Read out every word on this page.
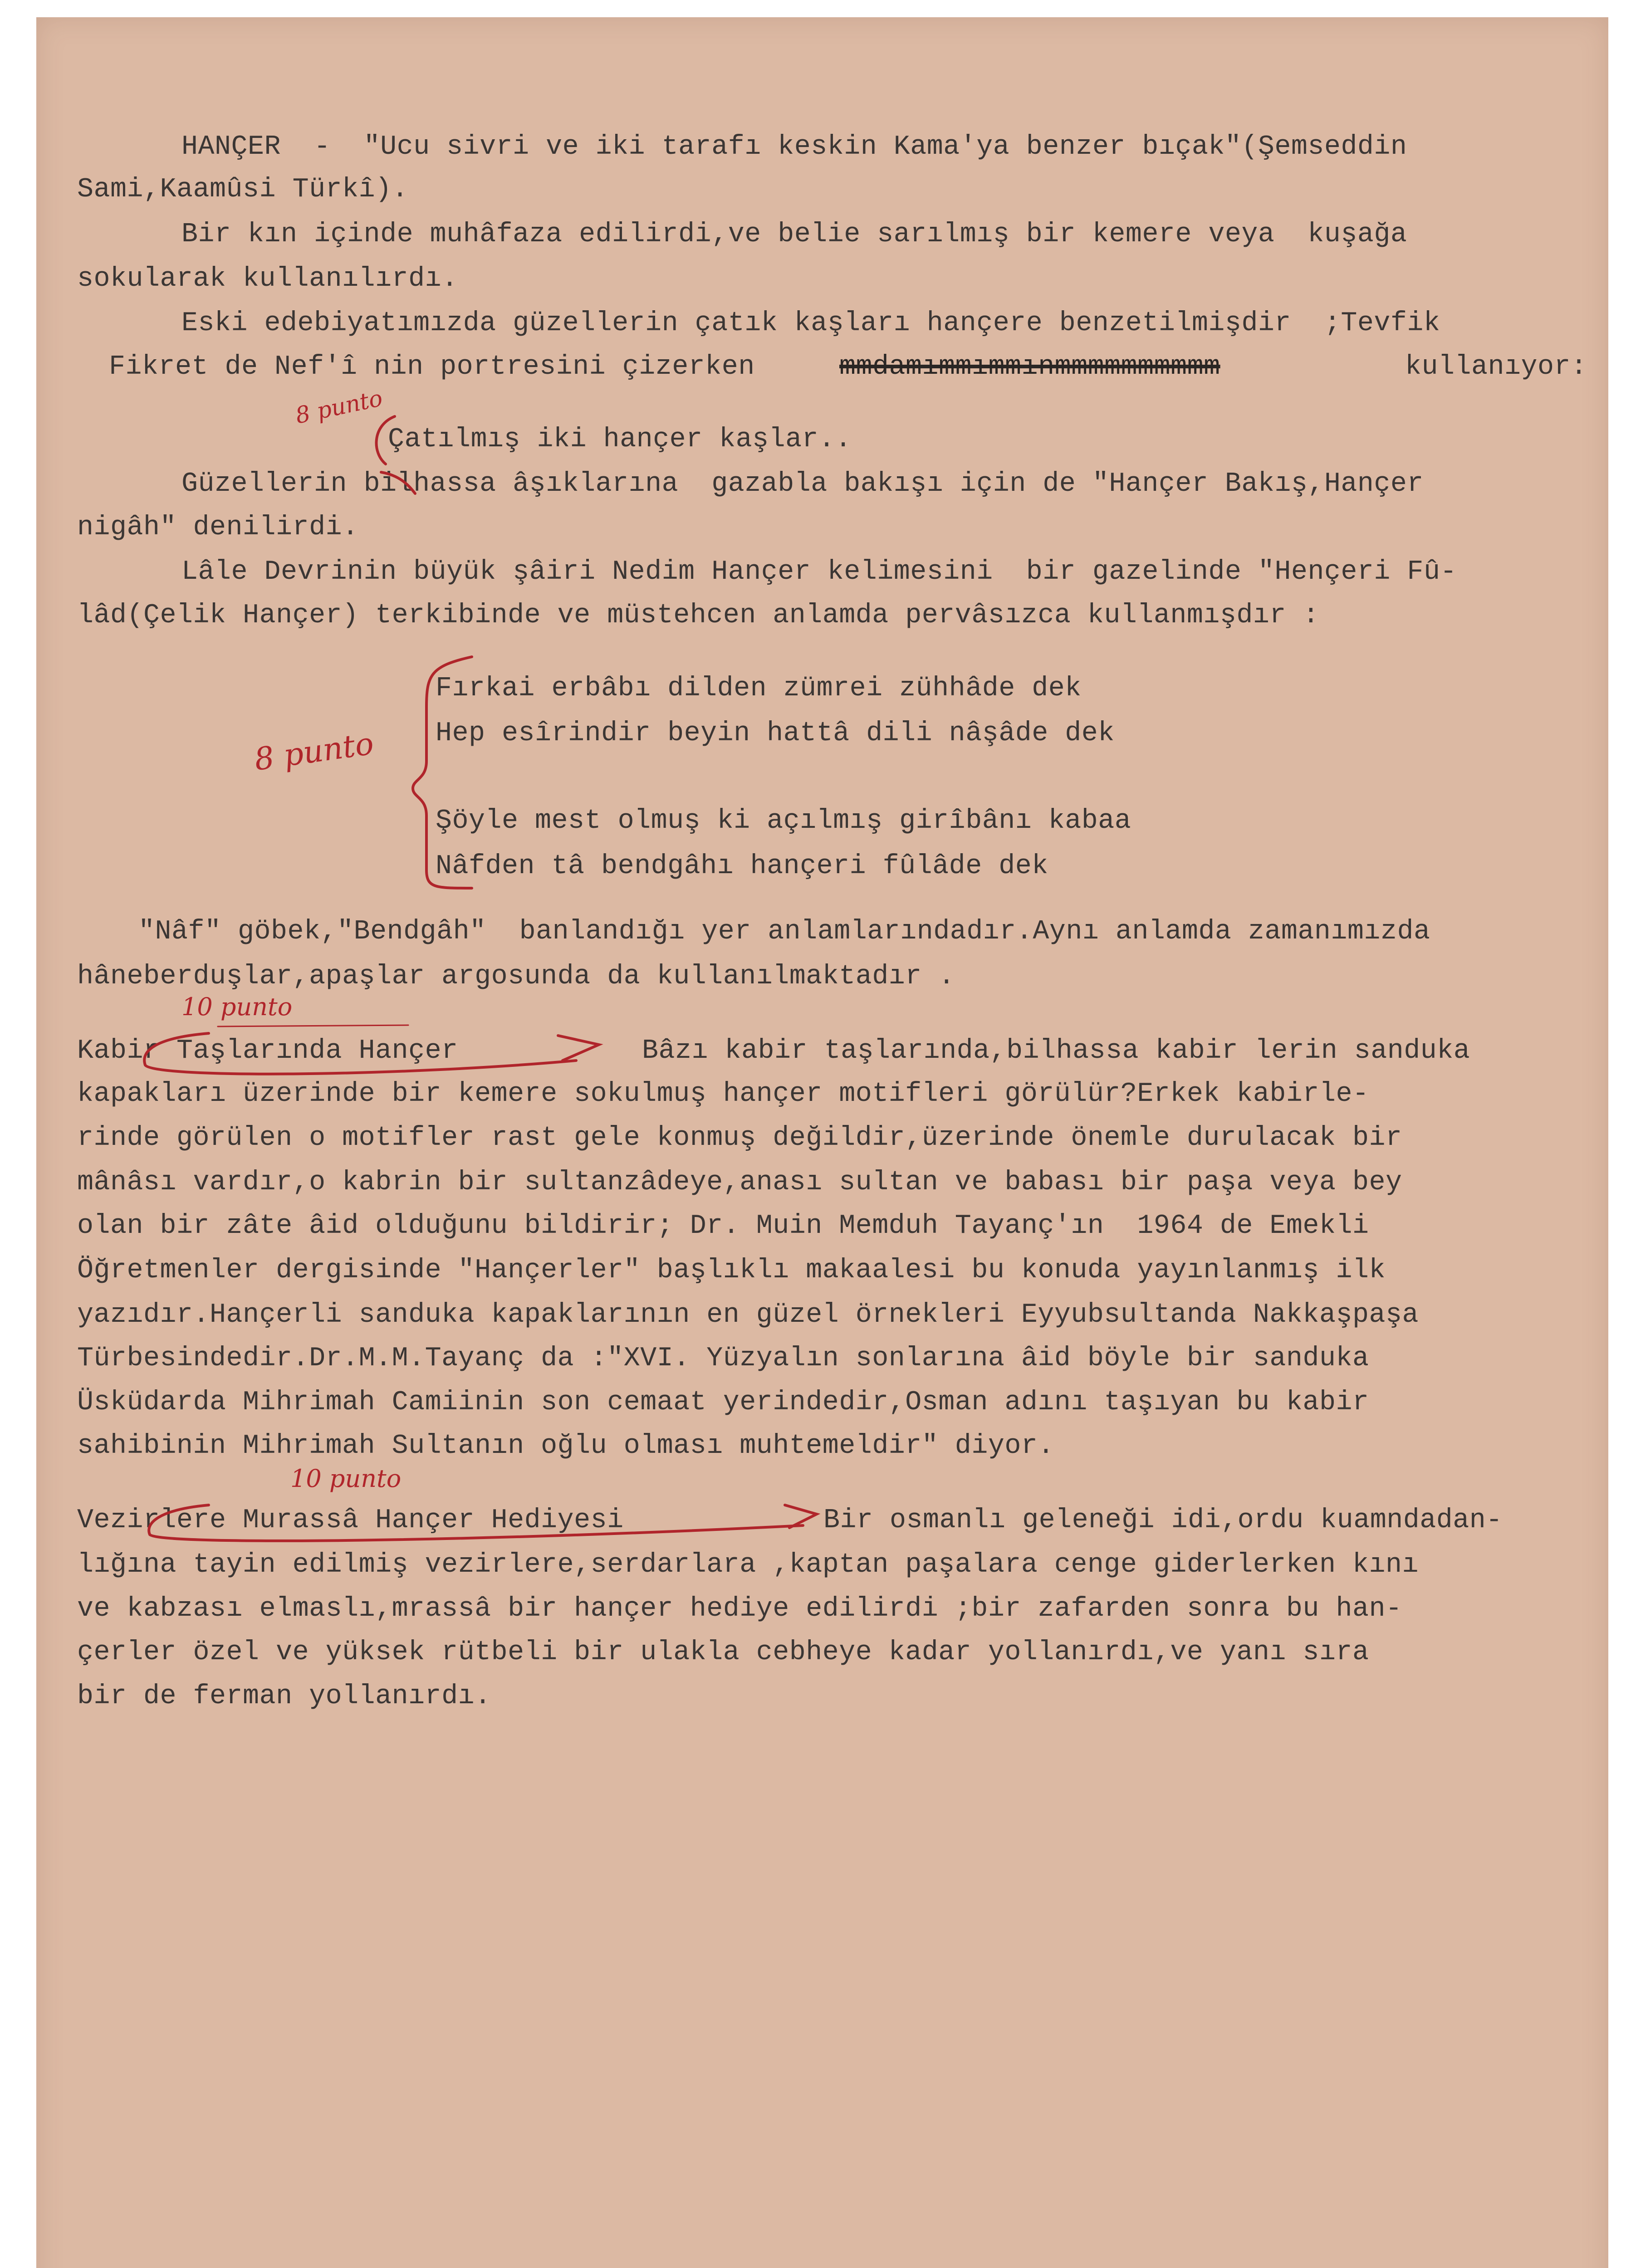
HANÇER  -  "Ucu sivri ve iki tarafı keskin Kama'ya benzer bıçak"(Şemseddin
Sami,Kaamûsi Türkî).
Bir kın içinde muhâfaza edilirdi,ve belie sarılmış bir kemere veya  kuşağa
sokularak kullanılırdı.
Eski edebiyatımızda güzellerin çatık kaşları hançere benzetilmişdir  ;Tevfik
Fikret de Nef'î nin portresini çizerken	mmdamımmımmınmmmmmmmmmm	kullanıyor:
Çatılmış iki hançer kaşlar..
Güzellerin bilhassa âşıklarına  gazabla bakışı için de "Hançer Bakış,Hançer
nigâh" denilirdi.
Lâle Devrinin büyük şâiri Nedim Hançer kelimesini  bir gazelinde "Hençeri Fû-
lâd(Çelik Hançer) terkibinde ve müstehcen anlamda pervâsızca kullanmışdır :
Fırkai erbâbı dilden zümrei zühhâde dek
Hep esîrindir beyin hattâ dili nâşâde dek
Şöyle mest olmuş ki açılmış girîbânı kabaa
Nâfden tâ bendgâhı hançeri fûlâde dek
"Nâf" göbek,"Bendgâh"  banlandığı yer anlamlarındadır.Aynı anlamda zamanımızda
hâneberduşlar,apaşlar argosunda da kullanılmaktadır .
Kabir Taşlarında Hançer	Bâzı kabir taşlarında,bilhassa kabir lerin sanduka
kapakları üzerinde bir kemere sokulmuş hançer motifleri görülür?Erkek kabirle-
rinde görülen o motifler rast gele konmuş değildir,üzerinde önemle durulacak bir
mânâsı vardır,o kabrin bir sultanzâdeye,anası sultan ve babası bir paşa veya bey
olan bir zâte âid olduğunu bildirir; Dr. Muin Memduh Tayanç'ın  1964 de Emekli
Öğretmenler dergisinde "Hançerler" başlıklı makaalesi bu konuda yayınlanmış ilk
yazıdır.Hançerli sanduka kapaklarının en güzel örnekleri Eyyubsultanda Nakkaşpaşa
Türbesindedir.Dr.M.M.Tayanç da :"XVI. Yüzyalın sonlarına âid böyle bir sanduka
Üsküdarda Mihrimah Camiinin son cemaat yerindedir,Osman adını taşıyan bu kabir
sahibinin Mihrimah Sultanın oğlu olması muhtemeldir" diyor.
Vezirlere Murassâ Hançer Hediyesi	Bir osmanlı geleneği idi,ordu kuamndadan-
lığına tayin edilmiş vezirlere,serdarlara ,kaptan paşalara cenge giderlerken kını
ve kabzası elmaslı,mrassâ bir hançer hediye edilirdi ;bir zafarden sonra bu han-
çerler özel ve yüksek rütbeli bir ulakla cebheye kadar yollanırdı,ve yanı sıra
bir de ferman yollanırdı.
8 punto
8 punto
10 punto
10 punto
